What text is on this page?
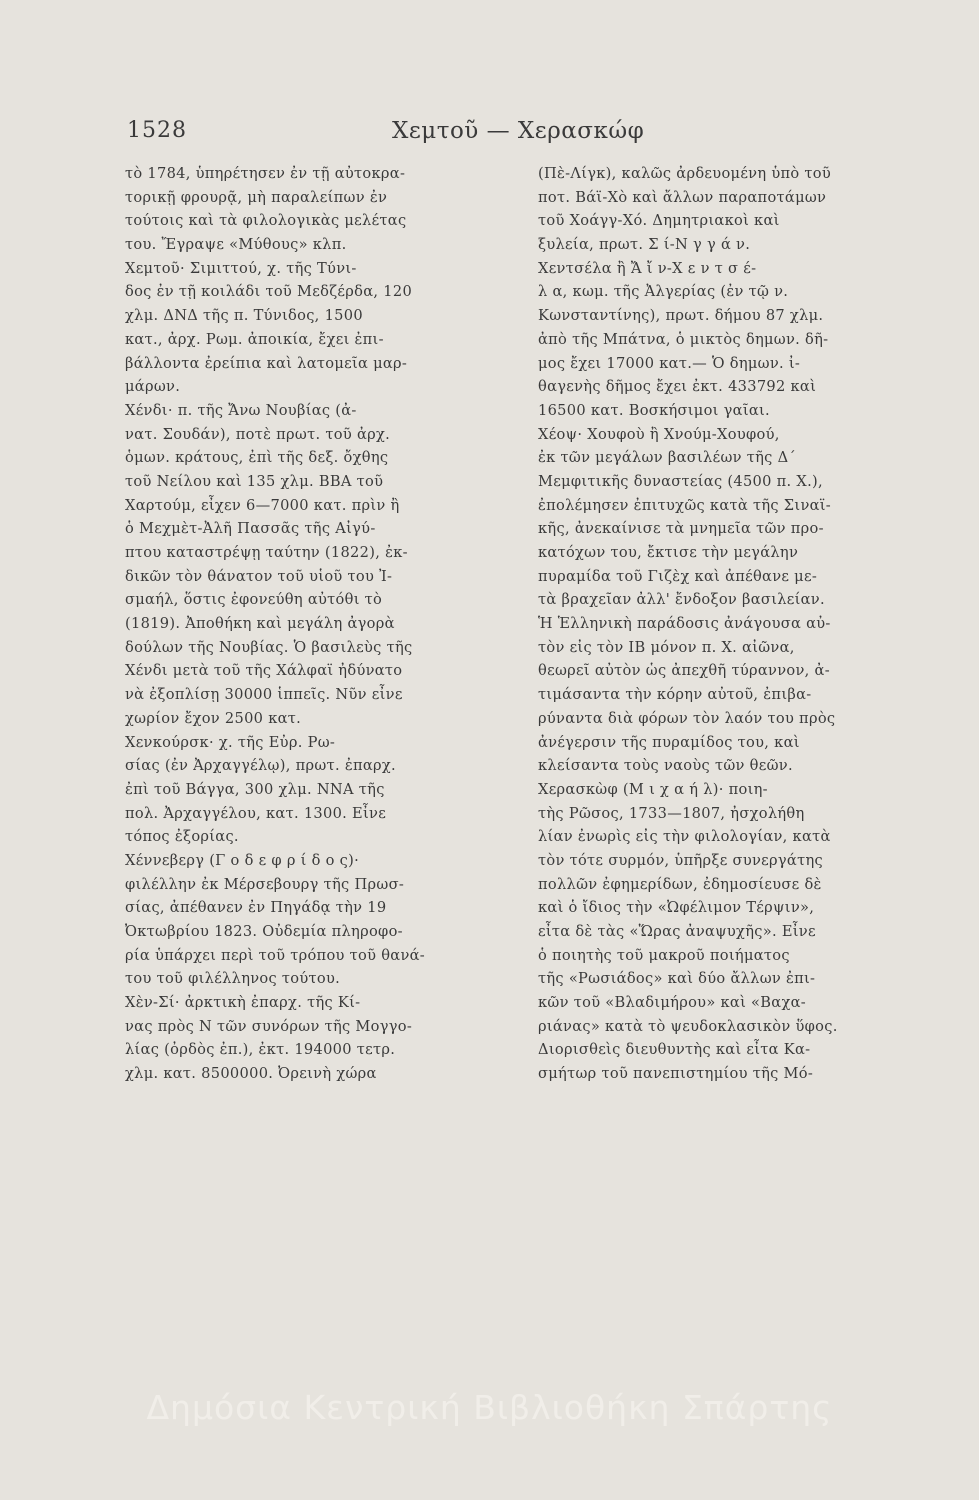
1528	Χεμτοῦ — Χερασκώφ
τὸ 1784, ὑπηρέτησεν ἐν τῇ αὐτοκρα-
τορικῇ φρουρᾷ, μὴ παραλείπων ἐν
τούτοις καὶ τὰ φιλολογικὰς μελέτας
του. Ἔγραψε «Μύθους» κλπ.
Χεμτοῦ· Σιμιττού, χ. τῆς Τύνι-
δος ἐν τῇ κοιλάδι τοῦ Μεδζέρδα, 120
χλμ. ΔΝΔ τῆς π. Τύνιδος, 1500
κατ., ἀρχ. Ρωμ. ἀποικία, ἔχει ἐπι-
βάλλοντα ἐρείπια καὶ λατομεῖα μαρ-
μάρων.
Χένδι· π. τῆς Ἄνω Νουβίας (ἀ-
νατ. Σουδάν), ποτὲ πρωτ. τοῦ ἀρχ.
ὁμων. κράτους, ἐπὶ τῆς δεξ. ὄχθης
τοῦ Νείλου καὶ 135 χλμ. ΒΒΑ τοῦ
Χαρτούμ, εἶχεν 6—7000 κατ. πρὶν ἢ
ὁ Μεχμὲτ-Ἀλῆ Πασσᾶς τῆς Αἰγύ-
πτου καταστρέψῃ ταύτην (1822), ἐκ-
δικῶν τὸν θάνατον τοῦ υἱοῦ του Ἰ-
σμαήλ, ὅστις ἐφονεύθη αὐτόθι τὸ
(1819). Ἀποθήκη καὶ μεγάλη ἀγορὰ
δούλων τῆς Νουβίας. Ὁ βασιλεὺς τῆς
Χένδι μετὰ τοῦ τῆς Χάλφαϊ ἠδύνατο
νὰ ἐξοπλίσῃ 30000 ἱππεῖς. Νῦν εἶνε
χωρίον ἔχον 2500 κατ.
Χενκούρσκ· χ. τῆς Εὐρ. Ρω-
σίας (ἐν Ἀρχαγγέλῳ), πρωτ. ἐπαρχ.
ἐπὶ τοῦ Βάγγα, 300 χλμ. ΝΝΑ τῆς
πολ. Ἀρχαγγέλου, κατ. 1300. Εἶνε
τόπος ἐξορίας.
Χέννεβεργ (Γ ο δ ε φ ρ ί δ ο ς)·
φιλέλλην ἐκ Μέρσεβουργ τῆς Πρωσ-
σίας, ἀπέθανεν ἐν Πηγάδᾳ τὴν 19
Ὀκτωβρίου 1823. Οὐδεμία πληροφο-
ρία ὑπάρχει περὶ τοῦ τρόπου τοῦ θανά-
του τοῦ φιλέλληνος τούτου.
Χὲν-Σί· ἀρκτικὴ ἐπαρχ. τῆς Κί-
νας πρὸς Ν τῶν συνόρων τῆς Μογγο-
λίας (ὀρδὸς ἐπ.), ἐκτ. 194000 τετρ.
χλμ. κατ. 8500000. Ὀρεινὴ χώρα
(Πὲ-Λίγκ), καλῶς ἀρδευομένη ὑπὸ τοῦ
ποτ. Βάϊ-Χὸ καὶ ἄλλων παραποτάμων
τοῦ Χοάγγ-Χό. Δημητριακοὶ καὶ
ξυλεία, πρωτ. Σ ί-Ν γ γ ά ν.
Χεντσέλα ἢ Ἄ ἴ ν-Χ ε ν τ σ έ-
λ α, κωμ. τῆς Ἀλγερίας (ἐν τῷ ν.
Κωνσταντίνης), πρωτ. δήμου 87 χλμ.
ἀπὸ τῆς Μπάτνα, ὁ μικτὸς δημων. δῆ-
μος ἔχει 17000 κατ.— Ὁ δημων. ἰ-
θαγενὴς δῆμος ἔχει ἐκτ. 433792 καὶ
16500 κατ. Βοσκήσιμοι γαῖαι.
Χέοψ· Χουφοὺ ἢ Χνούμ-Χουφού,
ἐκ τῶν μεγάλων βασιλέων τῆς Δ΄
Μεμφιτικῆς δυναστείας (4500 π. Χ.),
ἐπολέμησεν ἐπιτυχῶς κατὰ τῆς Σιναϊ-
κῆς, ἀνεκαίνισε τὰ μνημεῖα τῶν προ-
κατόχων του, ἔκτισε τὴν μεγάλην
πυραμίδα τοῦ Γιζὲχ καὶ ἀπέθανε με-
τὰ βραχεῖαν ἀλλ' ἔνδοξον βασιλείαν.
Ἡ Ἑλληνικὴ παράδοσις ἀνάγουσα αὐ-
τὸν εἰς τὸν ΙΒ μόνον π. Χ. αἰῶνα,
θεωρεῖ αὐτὸν ὡς ἀπεχθῆ τύραννον, ἀ-
τιμάσαντα τὴν κόρην αὐτοῦ, ἐπιβα-
ρύναντα διὰ φόρων τὸν λαόν του πρὸς
ἀνέγερσιν τῆς πυραμίδος του, καὶ
κλείσαντα τοὺς ναοὺς τῶν θεῶν.
Χερασκὼφ (Μ ι χ α ή λ)· ποιη-
τὴς Ρῶσος, 1733—1807, ἠσχολήθη
λίαν ἐνωρὶς εἰς τὴν φιλολογίαν, κατὰ
τὸν τότε συρμόν, ὑπῆρξε συνεργάτης
πολλῶν ἐφημερίδων, ἐδημοσίευσε δὲ
καὶ ὁ ἴδιος τὴν «Ὠφέλιμον Τέρψιν»,
εἶτα δὲ τὰς «Ὥρας ἀναψυχῆς». Εἶνε
ὁ ποιητὴς τοῦ μακροῦ ποιήματος
τῆς «Ρωσιάδος» καὶ δύο ἄλλων ἐπι-
κῶν τοῦ «Βλαδιμήρου» καὶ «Βαχα-
ριάνας» κατὰ τὸ ψευδοκλασικὸν ὕφος.
Διορισθεὶς διευθυντὴς καὶ εἶτα Κα-
σμήτωρ τοῦ πανεπιστημίου τῆς Μό-
Δημόσια Κεντρική Βιβλιοθήκη Σπάρτης
